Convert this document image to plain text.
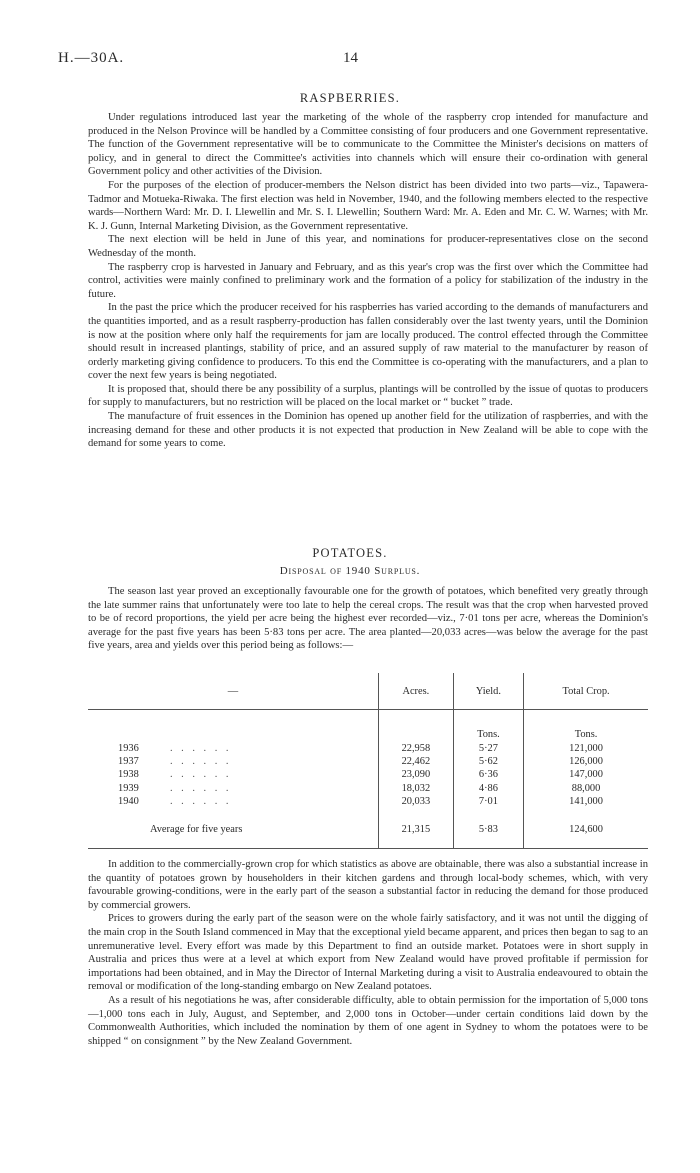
H.—30A.	14
RASPBERRIES.

Under regulations introduced last year the marketing of the whole of the raspberry crop intended for manufacture and produced in the Nelson Province will be handled by a Committee consisting of four producers and one Government representative. The function of the Government representative will be to communicate to the Committee the Minister's decisions on matters of policy, and in general to direct the Committee's activities into channels which will ensure their co-ordination with general Government policy and other activities of the Division.

For the purposes of the election of producer-members the Nelson district has been divided into two parts—viz., Tapawera-Tadmor and Motueka-Riwaka. The first election was held in November, 1940, and the following members elected to the respective wards—Northern Ward: Mr. D. I. Llewellin and Mr. S. I. Llewellin; Southern Ward: Mr. A. Eden and Mr. C. W. Warnes; with Mr. K. J. Gunn, Internal Marketing Division, as the Government representative.

The next election will be held in June of this year, and nominations for producer-representatives close on the second Wednesday of the month.

The raspberry crop is harvested in January and February, and as this year's crop was the first over which the Committee had control, activities were mainly confined to preliminary work and the formation of a policy for stabilization of the industry in the future.

In the past the price which the producer received for his raspberries has varied according to the demands of manufacturers and the quantities imported, and as a result raspberry-production has fallen considerably over the last twenty years, until the Dominion is now at the position where only half the requirements for jam are locally produced. The control effected through the Committee should result in increased plantings, stability of price, and an assured supply of raw material to the manufacturer by reason of orderly marketing giving confidence to producers. To this end the Committee is co-operating with the manufacturers, and a plan to cover the next few years is being negotiated.

It is proposed that, should there be any possibility of a surplus, plantings will be controlled by the issue of quotas to producers for supply to manufacturers, but no restriction will be placed on the local market or “ bucket ” trade.

The manufacture of fruit essences in the Dominion has opened up another field for the utilization of raspberries, and with the increasing demand for these and other products it is not expected that production in New Zealand will be able to cope with the demand for some years to come.

POTATOES.
Disposal of 1940 Surplus.

The season last year proved an exceptionally favourable one for the growth of potatoes, which benefited very greatly through the late summer rains that unfortunately were too late to help the cereal crops. The result was that the crop when harvested proved to be of record proportions, the yield per acre being the highest ever recorded—viz., 7·01 tons per acre, whereas the Dominion's average for the past five years has been 5·83 tons per acre. The area planted—20,033 acres—was below the average for the past five years, area and yields over this period being as follows:—

—	Acres.	Yield.	Total Crop.
		Tons.	Tons.
1936 . . . . . .	22,958	5·27	121,000
1937 . . . . . .	22,462	5·62	126,000
1938 . . . . . .	23,090	6·36	147,000
1939 . . . . . .	18,032	4·86	88,000
1940 . . . . . .	20,033	7·01	141,000
Average for five years	21,315	5·83	124,600

In addition to the commercially-grown crop for which statistics as above are obtainable, there was also a substantial increase in the quantity of potatoes grown by householders in their kitchen gardens and through local-body schemes, which, with very favourable growing-conditions, were in the early part of the season a substantial factor in reducing the demand for those produced by commercial growers.

Prices to growers during the early part of the season were on the whole fairly satisfactory, and it was not until the digging of the main crop in the South Island commenced in May that the exceptional yield became apparent, and prices then began to sag to an unremunerative level. Every effort was made by this Department to find an outside market. Potatoes were in short supply in Australia and prices thus were at a level at which export from New Zealand would have proved profitable if permission for importations had been obtained, and in May the Director of Internal Marketing during a visit to Australia endeavoured to obtain the removal or modification of the long-standing embargo on New Zealand potatoes.

As a result of his negotiations he was, after considerable difficulty, able to obtain permission for the importation of 5,000 tons—1,000 tons each in July, August, and September, and 2,000 tons in October—under certain conditions laid down by the Commonwealth Authorities, which included the nomination by them of one agent in Sydney to whom the potatoes were to be shipped “ on consignment ” by the New Zealand Government.
